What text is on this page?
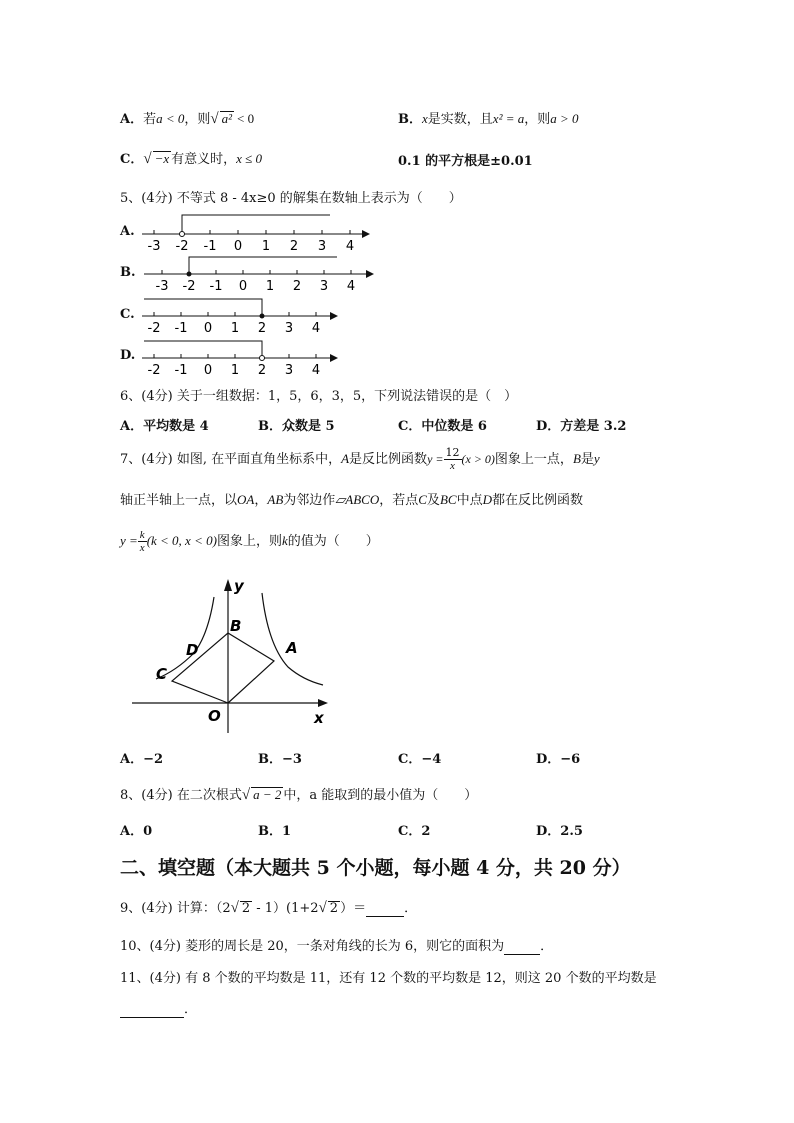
A．若a < 0，则√ a² < 0	B．x是实数，且x² = a，则a > 0
C．√ −x 有意义时，x ≤ 0	0.1 的平方根是±0.01
5、(4分) 不等式 8 - 4x≥0 的解集在数轴上表示为（　　）
A.
-3 -2 -1 0 1 2 3 4
B.
-3 -2 -1 0 1 2 3 4
C.
-2 -1 0 1 2 3 4
D.
-2 -1 0 1 2 3 4
6、(4分) 关于一组数据：1，5，6，3，5，下列说法错误的是（　）
A．平均数是 4	B．众数是 5	C．中位数是 6	D．方差是 3.2
7、(4分) 如图, 在平面直角坐标系中，A是反比例函数$y = \frac{12}{x} (x > 0)$图象上一点，B是y
轴正半轴上一点，以OA，AB为邻边作▱ABCO，若点C及BC中点D都在反比例函数
$y = \frac{k}{x} (k < 0$, x < 0)图象上，则k的值为（　　）
y
x
B
A
D
C
O
A．−2	B．−3	C．−4	D．−6
8、(4分) 在二次根式√ a − 2 中，a 能取到的最小值为（　　）
A．0	B．1	C．2	D．2.5
二、填空题（本大题共 5 个小题，每小题 4 分，共 20 分）
9、(4分) 计算：（2√ 2 - 1）(1+2√ 2 ）＝	．
10、(4分) 菱形的周长是 20，一条对角线的长为 6，则它的面积为	．
11、(4分) 有 8 个数的平均数是 11，还有 12 个数的平均数是 12，则这 20 个数的平均数是
．
